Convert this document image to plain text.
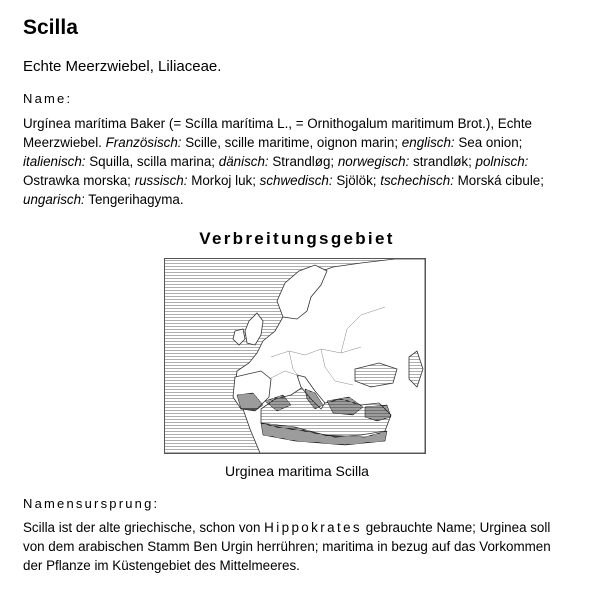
Scilla
Echte Meerzwiebel, Liliaceae.
Name:
Urgínea marítima Baker (= Scílla marítima L., = Ornithogalum maritimum Brot.), Echte Meerzwiebel. Französisch: Scille, scille maritime, oignon marin; englisch: Sea onion; italienisch: Squilla, scilla marina; dänisch: Strandløg; norwegisch: strandløk; polnisch: Ostrawka morska; russisch: Morkoj luk; schwedisch: Sjölök; tschechisch: Morská cibule; ungarisch: Tengerihagyma.
Verbreitungsgebiet
Urginea maritima Scilla
Namensursprung:
Scilla ist der alte griechische, schon von Hippokrates gebrauchte Name; Urginea soll von dem arabischen Stamm Ben Urgin herrühren; maritima in bezug auf das Vorkommen der Pflanze im Küstengebiet des Mittelmeeres.
